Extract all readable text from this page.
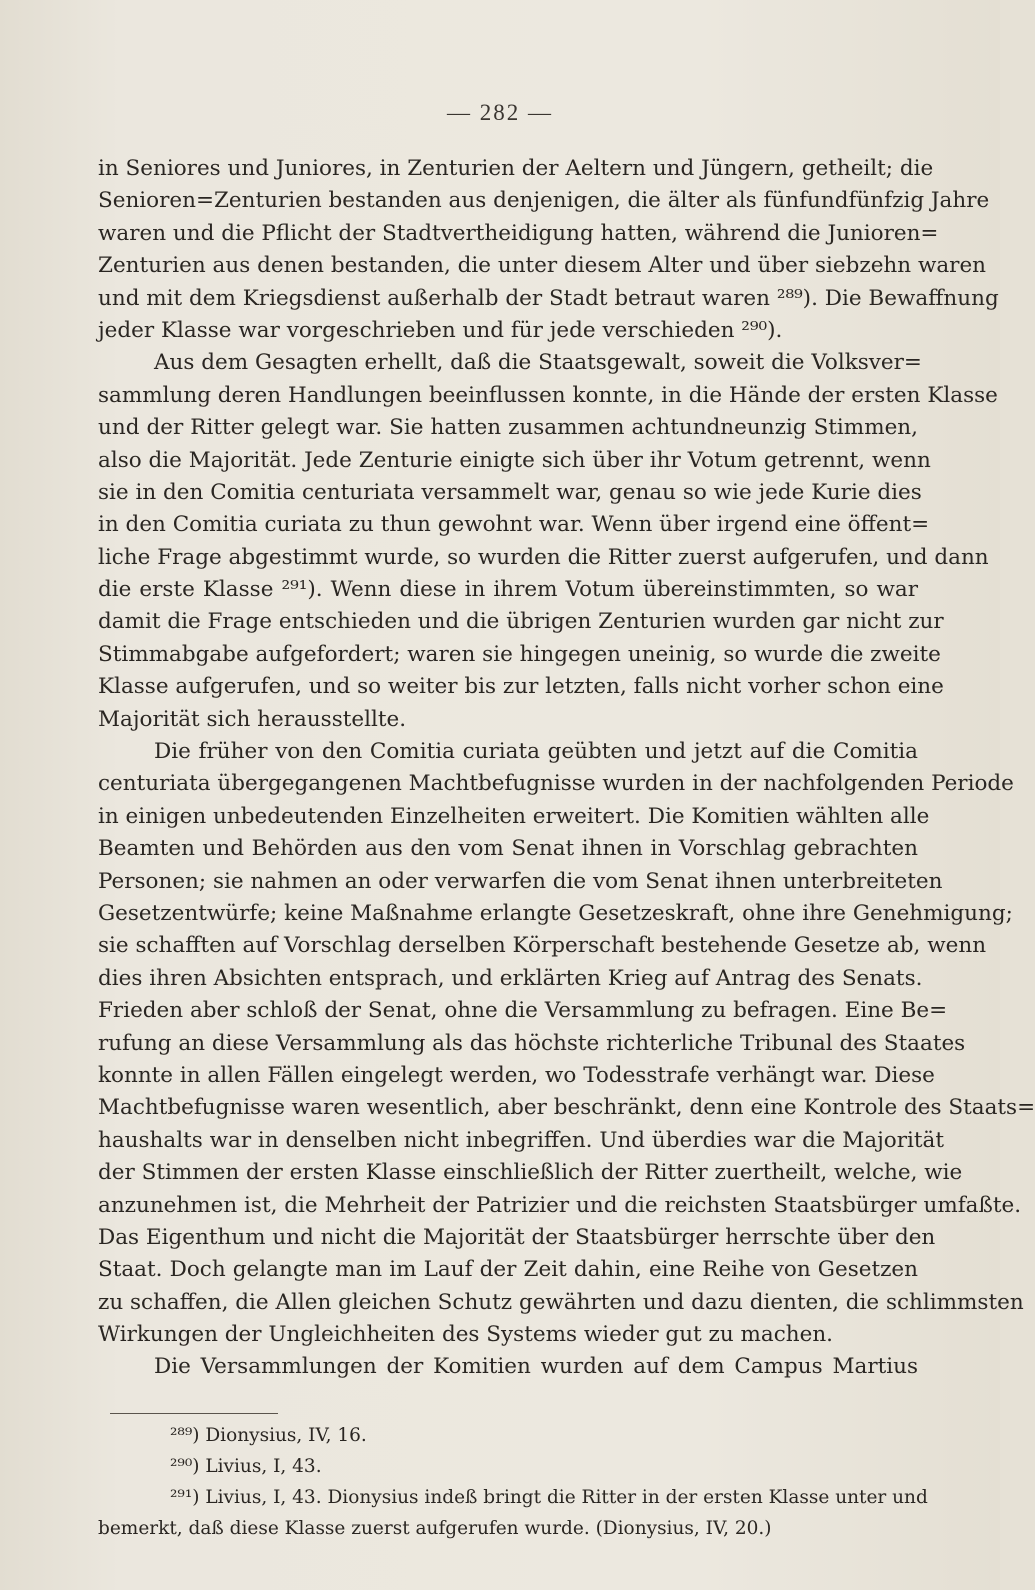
— 282 —
in Seniores und Juniores, in Zenturien der Aeltern und Jüngern, getheilt; die
Senioren=Zenturien bestanden aus denjenigen, die älter als fünfundfünfzig Jahre
waren und die Pflicht der Stadtvertheidigung hatten, während die Junioren=
Zenturien aus denen bestanden, die unter diesem Alter und über siebzehn waren
und mit dem Kriegsdienst außerhalb der Stadt betraut waren ²⁸⁹). Die Bewaffnung
jeder Klasse war vorgeschrieben und für jede verschieden ²⁹⁰).
Aus dem Gesagten erhellt, daß die Staatsgewalt, soweit die Volksver=
sammlung deren Handlungen beeinflussen konnte, in die Hände der ersten Klasse
und der Ritter gelegt war. Sie hatten zusammen achtundneunzig Stimmen,
also die Majorität. Jede Zenturie einigte sich über ihr Votum getrennt, wenn
sie in den Comitia centuriata versammelt war, genau so wie jede Kurie dies
in den Comitia curiata zu thun gewohnt war. Wenn über irgend eine öffent=
liche Frage abgestimmt wurde, so wurden die Ritter zuerst aufgerufen, und dann
die erste Klasse ²⁹¹). Wenn diese in ihrem Votum übereinstimmten, so war
damit die Frage entschieden und die übrigen Zenturien wurden gar nicht zur
Stimmabgabe aufgefordert; waren sie hingegen uneinig, so wurde die zweite
Klasse aufgerufen, und so weiter bis zur letzten, falls nicht vorher schon eine
Majorität sich herausstellte.
Die früher von den Comitia curiata geübten und jetzt auf die Comitia
centuriata übergegangenen Machtbefugnisse wurden in der nachfolgenden Periode
in einigen unbedeutenden Einzelheiten erweitert. Die Komitien wählten alle
Beamten und Behörden aus den vom Senat ihnen in Vorschlag gebrachten
Personen; sie nahmen an oder verwarfen die vom Senat ihnen unterbreiteten
Gesetzentwürfe; keine Maßnahme erlangte Gesetzeskraft, ohne ihre Genehmigung;
sie schafften auf Vorschlag derselben Körperschaft bestehende Gesetze ab, wenn
dies ihren Absichten entsprach, und erklärten Krieg auf Antrag des Senats.
Frieden aber schloß der Senat, ohne die Versammlung zu befragen. Eine Be=
rufung an diese Versammlung als das höchste richterliche Tribunal des Staates
konnte in allen Fällen eingelegt werden, wo Todesstrafe verhängt war. Diese
Machtbefugnisse waren wesentlich, aber beschränkt, denn eine Kontrole des Staats=
haushalts war in denselben nicht inbegriffen. Und überdies war die Majorität
der Stimmen der ersten Klasse einschließlich der Ritter zuertheilt, welche, wie
anzunehmen ist, die Mehrheit der Patrizier und die reichsten Staatsbürger umfaßte.
Das Eigenthum und nicht die Majorität der Staatsbürger herrschte über den
Staat. Doch gelangte man im Lauf der Zeit dahin, eine Reihe von Gesetzen
zu schaffen, die Allen gleichen Schutz gewährten und dazu dienten, die schlimmsten
Wirkungen der Ungleichheiten des Systems wieder gut zu machen.
Die Versammlungen der Komitien wurden auf dem Campus Martius
²⁸⁹) Dionysius, IV, 16.
²⁹⁰) Livius, I, 43.
²⁹¹) Livius, I, 43. Dionysius indeß bringt die Ritter in der ersten Klasse unter und
bemerkt, daß diese Klasse zuerst aufgerufen wurde. (Dionysius, IV, 20.)
